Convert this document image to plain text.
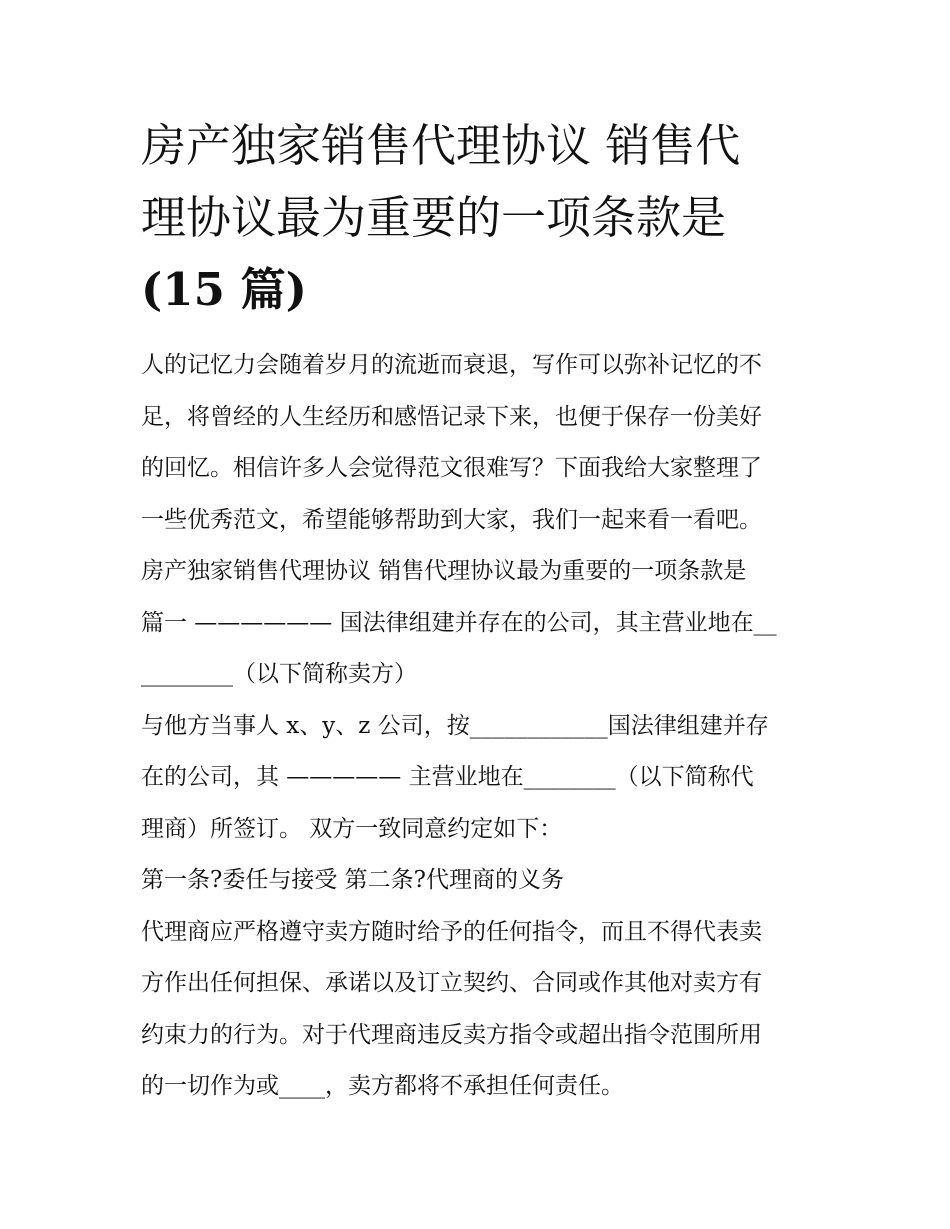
房产独家销售代理协议 销售代
理协议最为重要的一项条款是
(15 篇)

人的记忆力会随着岁月的流逝而衰退，写作可以弥补记忆的不

足，将曾经的人生经历和感悟记录下来，也便于保存一份美好

的回忆。相信许多人会觉得范文很难写？下面我给大家整理了

一些优秀范文，希望能够帮助到大家，我们一起来看一看吧。

房产独家销售代理协议 销售代理协议最为重要的一项条款是

篇一 —————— 国法律组建并存在的公司，其主营业地在__

________（以下简称卖方）

与他方当事人 x、y、z 公司，按____________国法律组建并存

在的公司，其 ————— 主营业地在________（以下简称代

理商）所签订。 双方一致同意约定如下：

第一条?委任与接受 第二条?代理商的义务

代理商应严格遵守卖方随时给予的任何指令，而且不得代表卖

方作出任何担保、承诺以及订立契约、合同或作其他对卖方有

约束力的行为。对于代理商违反卖方指令或超出指令范围所用

的一切作为或____，卖方都将不承担任何责任。
